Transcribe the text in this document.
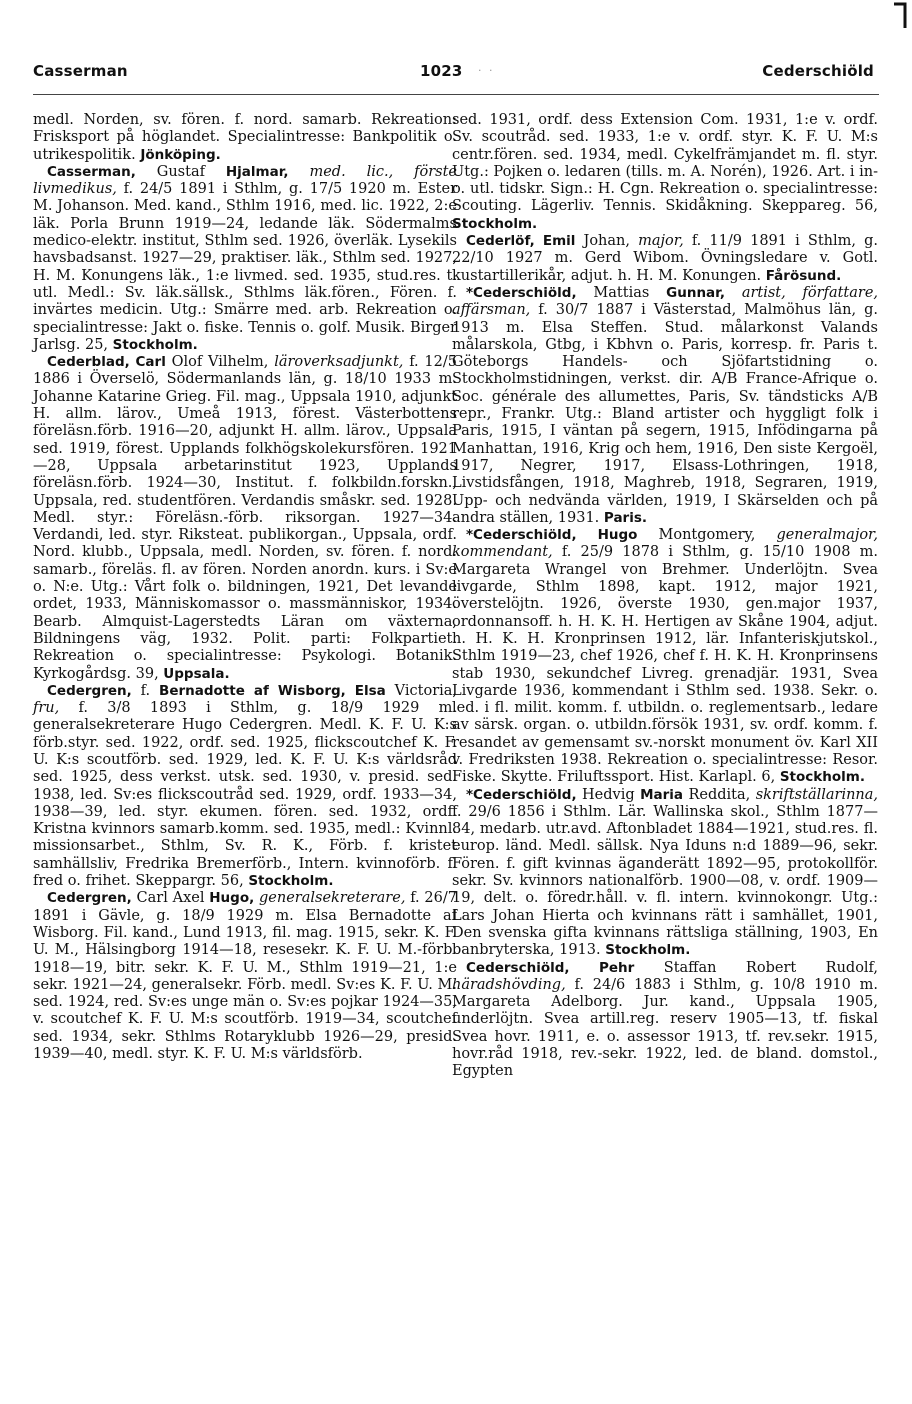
Casserman	1023 · ·	Cederschiöld

medl. Norden, sv. fören. f. nord. samarb. Rekreation: Frisksport på höglandet. Specialintresse: Bankpolitik o. utrikespolitik. Jönköping.

Casserman, Gustaf Hjalmar, med. lic., förste livmedikus, f. 24/5 1891 i Sthlm, g. 17/5 1920 m. Ester M. Johanson. Med. kand., Sthlm 1916, med. lic. 1922, 2:e läk. Porla Brunn 1919—24, ledande läk. Södermalms medico-elektr. institut, Sthlm sed. 1926, överläk. Lysekils havsbadsanst. 1927—29, praktiser. läk., Sthlm sed. 1927, H. M. Konungens läk., 1:e livmed. sed. 1935, stud.res. t. utl. Medl.: Sv. läk.sällsk., Sthlms läk.fören., Fören. f. invärtes medicin. Utg.: Smärre med. arb. Rekreation o. specialintresse: Jakt o. fiske. Tennis o. golf. Musik. Birger Jarlsg. 25, Stockholm.

Cederblad, Carl Olof Vilhelm, läroverksadjunkt, f. 12/5 1886 i Överselö, Södermanlands län, g. 18/10 1933 m. Johanne Katarine Grieg. Fil. mag., Uppsala 1910, adjunkt H. allm. lärov., Umeå 1913, förest. Västerbottens föreläsn.förb. 1916—20, adjunkt H. allm. lärov., Uppsala sed. 1919, förest. Upplands folkhögskolekursfören. 1921—28, Uppsala arbetarinstitut 1923, Upplands föreläsn.förb. 1924—30, Institut. f. folkbildn.forskn., Uppsala, red. studentfören. Verdandis småskr. sed. 1928. Medl. styr.: Föreläsn.-förb. riksorgan. 1927—34. Verdandi, led. styr. Riksteat. publikorgan., Uppsala, ordf. Nord. klubb., Uppsala, medl. Norden, sv. fören. f. nord. samarb., föreläs. fl. av fören. Norden anordn. kurs. i Sv:e o. N:e. Utg.: Vårt folk o. bildningen, 1921, Det levande ordet, 1933, Människomassor o. massmänniskor, 1934. Bearb. Almquist-Lagerstedts Läran om växterna, Bildningens väg, 1932. Polit. parti: Folkpartiet. Rekreation o. specialintresse: Psykologi. Botanik. Kyrkogårdsg. 39, Uppsala.

Cedergren, f. Bernadotte af Wisborg, Elsa Victoria, fru, f. 3/8 1893 i Sthlm, g. 18/9 1929 m. generalsekreterare Hugo Cedergren. Medl. K. F. U. K:s förb.styr. sed. 1922, ordf. sed. 1925, flickscoutchef K. F. U. K:s scoutförb. sed. 1929, led. K. F. U. K:s världsråd sed. 1925, dess verkst. utsk. sed. 1930, v. presid. sed. 1938, led. Sv:es flickscoutråd sed. 1929, ordf. 1933—34, 1938—39, led. styr. ekumen. fören. sed. 1932, ordf. Kristna kvinnors samarb.komm. sed. 1935, medl.: Kvinnl. missionsarbet., Sthlm, Sv. R. K., Förb. f. kristet samhällsliv, Fredrika Bremerförb., Intern. kvinnoförb. f. fred o. frihet. Skeppargr. 56, Stockholm.

Cedergren, Carl Axel Hugo, generalsekreterare, f. 26/7 1891 i Gävle, g. 18/9 1929 m. Elsa Bernadotte af Wisborg. Fil. kand., Lund 1913, fil. mag. 1915, sekr. K. F. U. M., Hälsingborg 1914—18, resesekr. K. F. U. M.-förb. 1918—19, bitr. sekr. K. F. U. M., Sthlm 1919—21, 1:e sekr. 1921—24, generalsekr. Förb. medl. Sv:es K. F. U. M. sed. 1924, red. Sv:es unge män o. Sv:es pojkar 1924—35, v. scoutchef K. F. U. M:s scoutförb. 1919—34, scoutchef sed. 1934, sekr. Sthlms Rotaryklubb 1926—29, presid. 1939—40, medl. styr. K. F. U. M:s världsförb.

sed. 1931, ordf. dess Extension Com. 1931, 1:e v. ordf. Sv. scoutråd. sed. 1933, 1:e v. ordf. styr. K. F. U. M:s centr.fören. sed. 1934, medl. Cykelfrämjandet m. fl. styr. Utg.: Pojken o. ledaren (tills. m. A. Norén), 1926. Art. i in- o. utl. tidskr. Sign.: H. Cgn. Rekreation o. specialintresse: Scouting. Lägerliv. Tennis. Skidåkning. Skeppareg. 56, Stockholm.

Cederlöf, Emil Johan, major, f. 11/9 1891 i Sthlm, g. 22/10 1927 m. Gerd Wibom. Övningsledare v. Gotl. kustartillerikår, adjut. h. H. M. Konungen. Fårösund.

*Cederschiöld, Mattias Gunnar, artist, författare, affärsman, f. 30/7 1887 i Västerstad, Malmöhus län, g. 1913 m. Elsa Steffen. Stud. målarkonst Valands målarskola, Gtbg, i Kbhvn o. Paris, korresp. fr. Paris t. Göteborgs Handels- och Sjöfartstidning o. Stockholmstidningen, verkst. dir. A/B France-Afrique o. Soc. générale des allumettes, Paris, Sv. tändsticks A/B repr., Frankr. Utg.: Bland artister och hyggligt folk i Paris, 1915, I väntan på segern, 1915, Infödingarna på Manhattan, 1916, Krig och hem, 1916, Den siste Kergoël, 1917, Negrer, 1917, Elsass-Lothringen, 1918, Livstidsfången, 1918, Maghreb, 1918, Segraren, 1919, Upp- och nedvända världen, 1919, I Skärselden och på andra ställen, 1931. Paris.

*Cederschiöld, Hugo Montgomery, generalmajor, kommendant, f. 25/9 1878 i Sthlm, g. 15/10 1908 m. Margareta Wrangel von Brehmer. Underlöjtn. Svea livgarde, Sthlm 1898, kapt. 1912, major 1921, överstelöjtn. 1926, överste 1930, gen.major 1937, ordonnansoff. h. H. K. H. Hertigen av Skåne 1904, adjut. h. H. K. H. Kronprinsen 1912, lär. Infanteriskjutskol., Sthlm 1919—23, chef 1926, chef f. H. K. H. Kronprinsens stab 1930, sekundchef Livreg. grenadjär. 1931, Svea Livgarde 1936, kommendant i Sthlm sed. 1938. Sekr. o. led. i fl. milit. komm. f. utbildn. o. reglementsarb., ledare av särsk. organ. o. utbildn.försök 1931, sv. ordf. komm. f. resandet av gemensamt sv.-norskt monument öv. Karl XII v. Fredriksten 1938. Rekreation o. specialintresse: Resor. Fiske. Skytte. Friluftssport. Hist. Karlapl. 6, Stockholm.

*Cederschiöld, Hedvig Maria Reddita, skriftställarinna, f. 29/6 1856 i Sthlm. Lär. Wallinska skol., Sthlm 1877—84, medarb. utr.avd. Aftonbladet 1884—1921, stud.res. fl. europ. länd. Medl. sällsk. Nya Iduns n:d 1889—96, sekr. Fören. f. gift kvinnas äganderätt 1892—95, protokollför. sekr. Sv. kvinnors nationalförb. 1900—08, v. ordf. 1909—19, delt. o. föredr.håll. v. fl. intern. kvinnokongr. Utg.: Lars Johan Hierta och kvinnans rätt i samhället, 1901, Den svenska gifta kvinnans rättsliga ställning, 1903, En banbryterska, 1913. Stockholm.

Cederschiöld, Pehr Staffan Robert Rudolf, häradshövding, f. 24/6 1883 i Sthlm, g. 10/8 1910 m. Margareta Adelborg. Jur. kand., Uppsala 1905, underlöjtn. Svea artill.reg. reserv 1905—13, tf. fiskal Svea hovr. 1911, e. o. assessor 1913, tf. rev.sekr. 1915, hovr.råd 1918, rev.-sekr. 1922, led. de bland. domstol., Egypten
